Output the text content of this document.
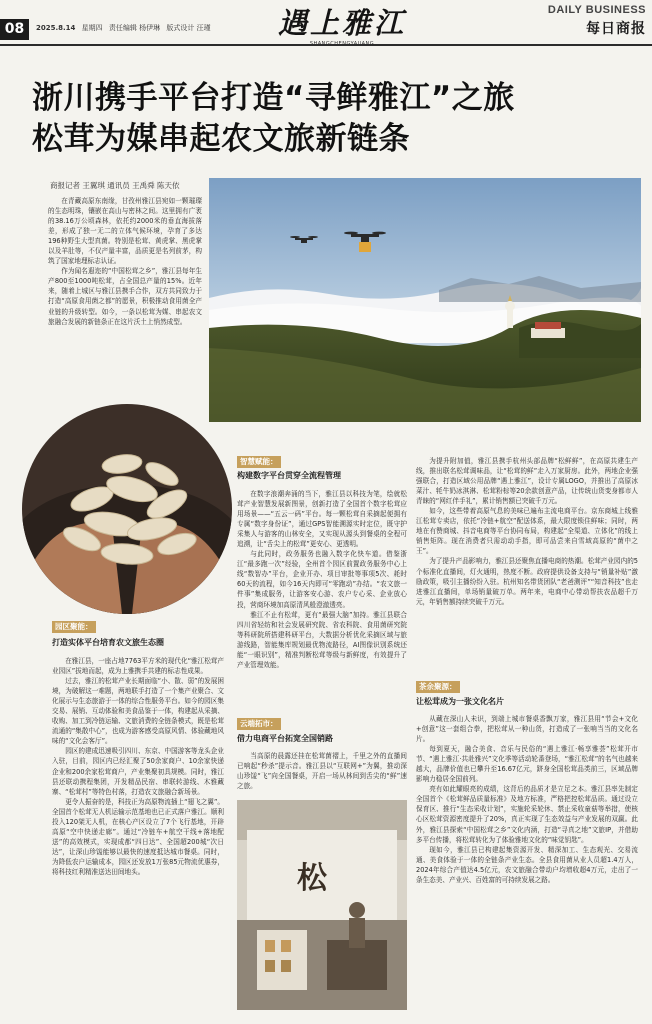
08	2025.8.14 星期四 责任编辑 杨伊琳 版式设计 汪瑾	遇上雅江	DAILY BUSINESS
每日商报
浙川携手平台打造“寻鲜雅江”之旅
松茸为媒串起农文旅新链条
商报记者 王翼琪 通讯员 王禹舜 陈天依

在青藏高原东南缘，甘孜州雅江县宛如一颗璀璨的生态明珠，镶嵌在高山与密林之间。这里拥有广袤的38.16万公顷森林，依托约2000米的垂直海拔落差，形成了独一无二的立体气候环境，孕育了多达196种野生大型真菌。特别是松茸、黄虎掌、黑虎掌以及羊肚等，不仅产量丰富，品质更是名列前茅，构筑了国家地理标志认证。

作为闻名遐迩的“中国松茸之乡”，雅江县每年生产800至1000吨松茸，占全国总产量的15%。近年来，随着上城区与雅江县携手合作，双方共同致力于打造“高原食用菌之都”的愿景，积极推动食用菌全产业链的升级转型。如今，一条以松茸为媒、串起农文旅融合发展的新链条正在这片沃土上悄然成型。

园区聚能：
打造实体平台培育农文旅生态圈

在雅江县，一座占地7763平方米的现代化“雅江松茸产业园区”拔地而起，成为上雅携手共建的标志性成果。

过去，雅江的松茸产业长期面临“小、散、弱”的发展困境，为破解这一难题，两地联手打造了一个集产业聚合、文化展示与生态旅游于一体的综合性服务平台。如今的园区集交易、展销、互动体验和美食品鉴于一体，构建起从采摘、收购、加工到冷链运输、文旅消费的全链条模式，既是松茸流通的“集散中心”，也成为游客感受高原风情、体验藏地风味的“文化会客厅”。

园区的建成迅速吸引四川、东京、中国游客等龙头企业入驻，目前，园区内已经汇聚了50余家商户、10余家快递企业和200余家松茸商户，产业集聚初具规模。同时，雅江县还联动携程集团，开发精品民宿、串联转游线、木雅藏寨、“松茸村”等特色村落，打造农文旅融合新场景。

更令人振奋的是，科技正为高原物流插上“翅飞之翼”。全国首个松茸无人机运输示范基地也已正式落户雅江。顺利投入120架无人机，在核心产区设立了7个飞行基地，开辟高原“空中快递走廊”。通过“冷链车+航空干线+落地配送”的高效模式，实现成都“四日达”、全国超200城“次日达”，让深山珍馐能够以最快的速度抵达城市餐桌。同时，为降低农户运输成本，园区还发放1万张85元物流优惠券，将科技红利精准送达田间地头。

智慧赋能：
构建数字平台贯穿全流程管理

在数字浪潮奔涌的当下，雅江县以科技为笔，绘就松茸产业智慧发展新图景，创新打造了全国首个数字松茸应用场景——“五云一码”平台。每一颗松茸自采摘起便拥有专属“数字身份证”，通过GPS智能溯源实时定位，既守护采集人与游客的山林安全，又实现从源头到餐桌的全程可追溯，让“舌尖上的松茸”更安心、更透明。

与此同时，政务服务也融入数字化快车道。借鉴浙江“最多跑一次”经验，全州首个园区前置政务服务中心上线“数智办”平台，企业开办、项目审批等事项5次、耗时60天的流程，如今16天内即可“零跑动”办结。“农文旅一件事”集成服务，让游客安心游、农户专心采、企业放心投，营商环境加高原清风般澄澈透亮。

雅江不止有松茸，更有“最强大脑”加持。雅江县联合四川省轻纺和社会发展研究院、省农科院、食用菌研究院等科研院所搭建科研平台，大数据分析优化采摘区域与旅游线路，智能集库规划最优物流路径，AI图像识别系统还能“一眼识别”，精准判断松茸等级与新鲜度，有效提升了产业管理效能。

云端拓市：
借力电商平台拓宽全国销路

当高原的晨露还挂在松茸菌褶上，千里之外的直播间已响起“秒杀”提示音。雅江县以“互联网+”为翼，推动深山珍馐“飞”向全国餐桌，开启一场从林间到舌尖的“鲜”速之旅。

松

为提升附加值，雅江县携手杭州头部品牌“松鲜鲜”，在高原共建生产线，推出联名松茸调味品，让“松茸的鲜”走入万家厨房。此外，两地企业强强联合，打造区域公用品牌“遇上雅江”，设计专属LOGO，并推出了高原冰菜汁、牦牛奶冰淇淋、松茸粉棕等20余款创意产品，让传统山货变身都市人青睐的“网红伴手礼”，累计销售额已突破千万元。

如今，这些带着高原气息的美味已遍布主流电商平台。京东商城上线雅江松茸专卖店，依托“冷链+航空”配送体系，最大限度锁住鲜味；同时，两地在有赞商城、抖音电商等平台协同布局，构建起“全渠道、立体化”的线上销售矩阵。现在消费者只需动动手指，即可品尝来自雪域高原的“菌中之王”。

为了提升产品影响力，雅江县还聚焦直播电商的热潮。松茸产业园内的5个标准化直播间，灯火通明，热度不断。政府提供设备支持与“销量补贴”激励政策，吸引主播纷纷入驻。杭州知名带货团队“老爸测评”“知音科技”也走进雅江直播间，单场销量破万单。两年来，电商中心带动帮扶农品超千万元，年销售额持续突破千万元。

茶余聚源：
让松茸成为一张文化名片

从藏在深山人未识，到端上城市餐桌香飘万家，雅江县用“节会+文化+创意”这一套组合拳，把松茸从一种山货，打造成了一张响当当的文化名片。

每到夏天，融合美食、音乐与民俗的“遇上雅江·畅享雅荟”松茸开市节、“遇上雅江·共赴雅兴”文化季等活动轮番登场，“雅江松茸”的名气也越来越大，品牌价值也已攀升至16.67亿元，跻身全国松茸品类前三，区域品牌影响力稳居全国前列。

亮有如此耀眼亮的成绩，这背后的品质才是立足之本。雅江县率先制定全国首个《松茸鲜品质量标准》及地方标准，严格把控松茸品质。通过设立保育区、推行“生态采收计划”，实施轮采轮休、禁止采收童菇等举措，使核心区松茸资源密度提升了20%，真正实现了生态效益与产业发展的双赢。此外，雅江县探索“中国松茸之乡”文化内涵，打造“寻真之地”文旅IP，并借助多平台传播，将松茸转化为了体验雅地文化的“味觉钥匙”。

现如今，雅江县已构建起集资源开发、精深加工、生态观光、交易流通、美食体验于一体的全链条产业生态。全县食用菌从业人员超1.4万人，2024年综合产值达4.5亿元，农文旅融合带动户均增收超4万元，走出了一条生态美、产业兴、百姓富的可持续发展之路。
